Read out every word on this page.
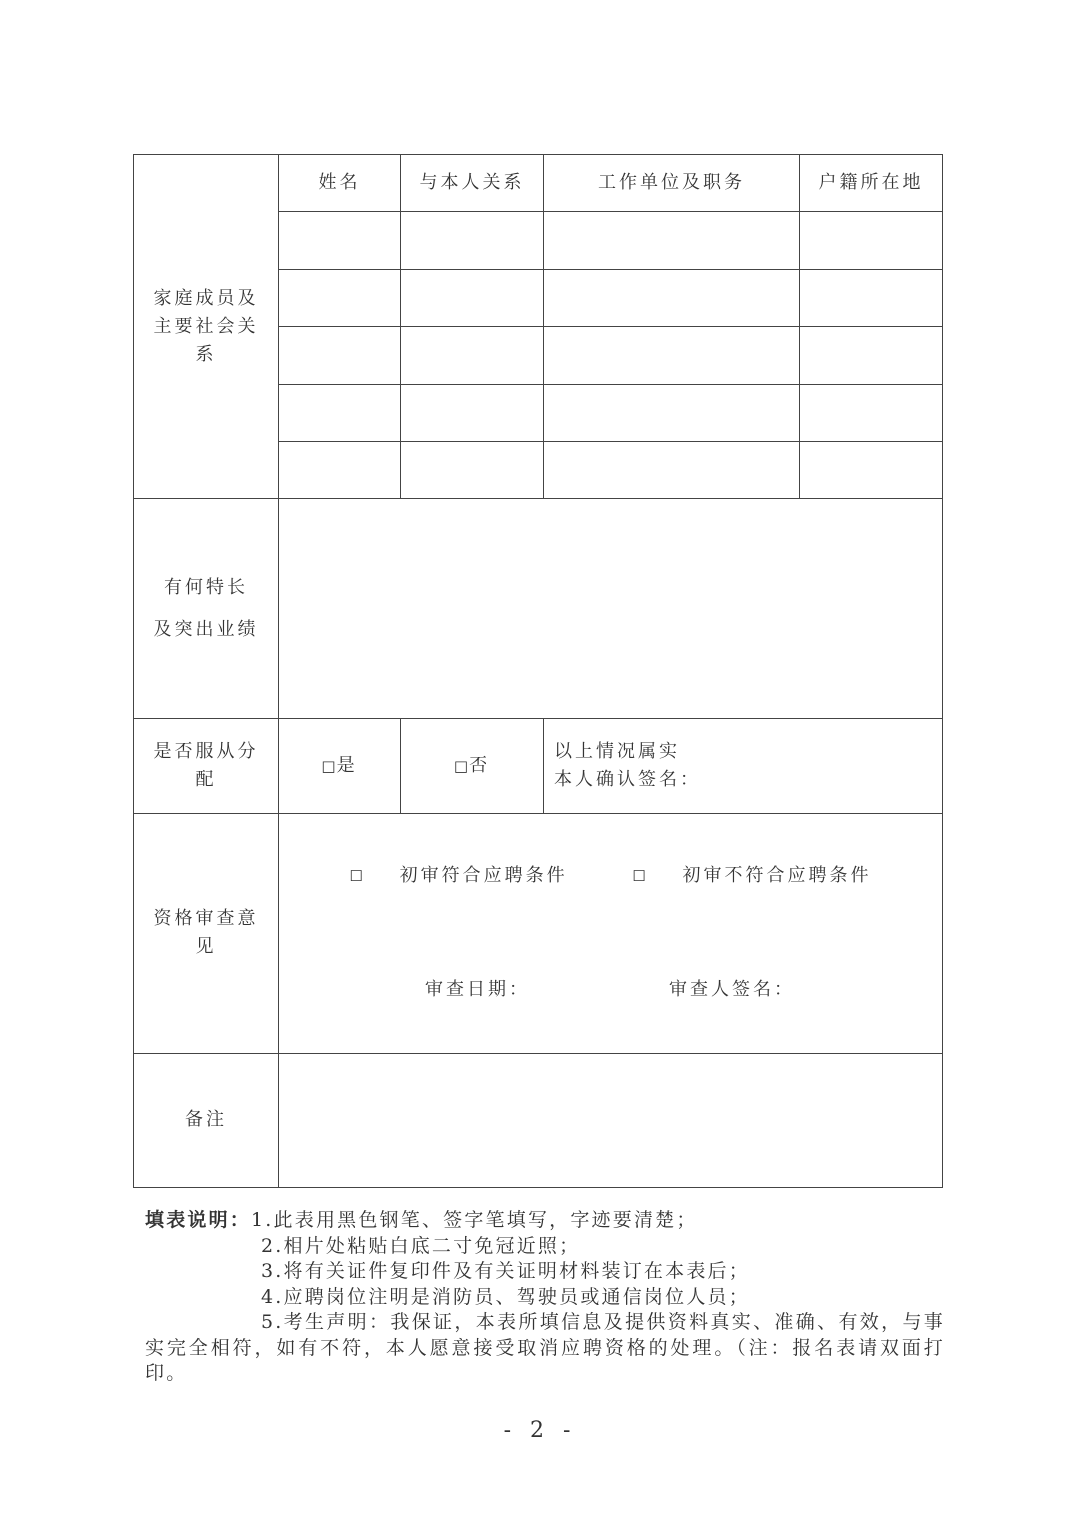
家庭成员及主要社会关系	姓名	与本人关系	工作单位及职务	户籍所在地

有何特长
及突出业绩				

是否服从分配	□是	□否	以上情况属实
本人确认签名：	

资格审查意见	☐ 初审符合应聘条件 ☐ 初审不符合应聘条件
审查日期： 审查人签名：			

备注				
填表说明：1.此表用黑色钢笔、签字笔填写，字迹要清楚；
2.相片处粘贴白底二寸免冠近照；
3.将有关证件复印件及有关证明材料装订在本表后；
4.应聘岗位注明是消防员、驾驶员或通信岗位人员；
5.考生声明：我保证，本表所填信息及提供资料真实、准确、有效，与事实完全相符，如有不符，本人愿意接受取消应聘资格的处理。（注：报名表请双面打印。
- 2 -
